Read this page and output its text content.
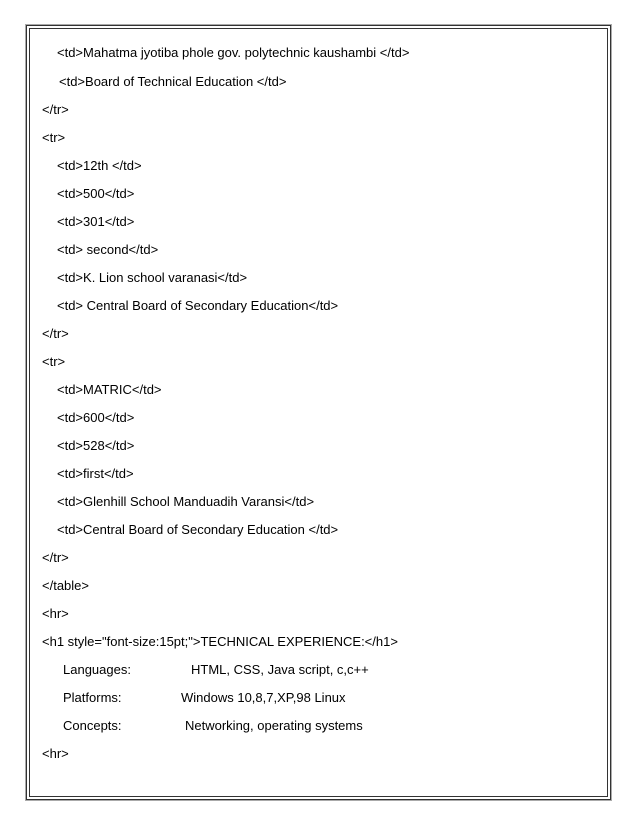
<td>Mahatma jyotiba phole gov. polytechnic kaushambi </td>
<td>Board of Technical Education </td>
</tr>
<tr>
<td>12th </td>
<td>500</td>
<td>301</td>
<td> second</td>
<td>K. Lion school varanasi</td>
<td> Central Board of Secondary Education</td>
</tr>
<tr>
<td>MATRIC</td>
<td>600</td>
<td>528</td>
<td>first</td>
<td>Glenhill School Manduadih Varansi</td>
<td>Central Board of Secondary Education </td>
</tr>
</table>
<hr>
<h1 style="font-size:15pt;">TECHNICAL EXPERIENCE:</h1>
Languages:	HTML, CSS, Java script, c,c++
Platforms:	Windows 10,8,7,XP,98 Linux
Concepts:	Networking, operating systems
<hr>
